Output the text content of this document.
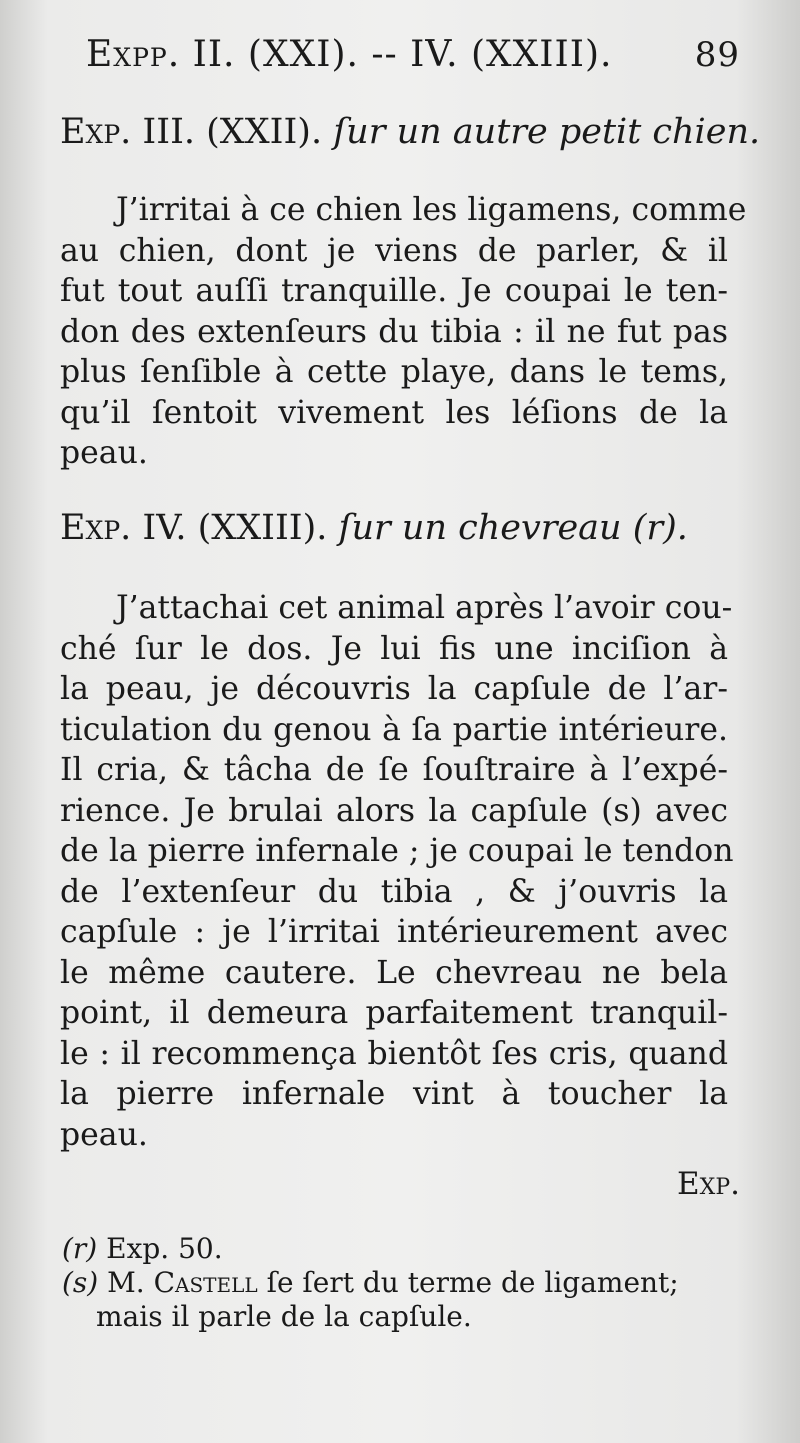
Expp. II. (XXI). -- IV. (XXIII). 89
Exp. III. (XXII). ſur un autre petit chien.
J’irritai à ce chien les ligamens, comme
au chien, dont je viens de parler, & il
fut tout auſſi tranquille. Je coupai le ten-
don des extenſeurs du tibia : il ne fut pas
plus ſenſible à cette playe, dans le tems,
qu’il ſentoit vivement les léſions de la
peau.
Exp. IV. (XXIII). ſur un chevreau (r).
J’attachai cet animal après l’avoir cou-
ché ſur le dos. Je lui fis une inciſion à
la peau, je découvris la capſule de l’ar-
ticulation du genou à ſa partie intérieure.
Il cria, & tâcha de ſe ſouſtraire à l’expé-
rience. Je brulai alors la capſule (s) avec
de la pierre infernale ; je coupai le tendon
de l’extenſeur du tibia , & j’ouvris la
capſule : je l’irritai intérieurement avec
le même cautere. Le chevreau ne bela
point, il demeura parfaitement tranquil-
le : il recommença bientôt ſes cris, quand
la pierre infernale vint à toucher la
peau.
Exp.
(r) Exp. 50.
(s) M. Castell ſe ſert du terme de ligament;
mais il parle de la capſule.
